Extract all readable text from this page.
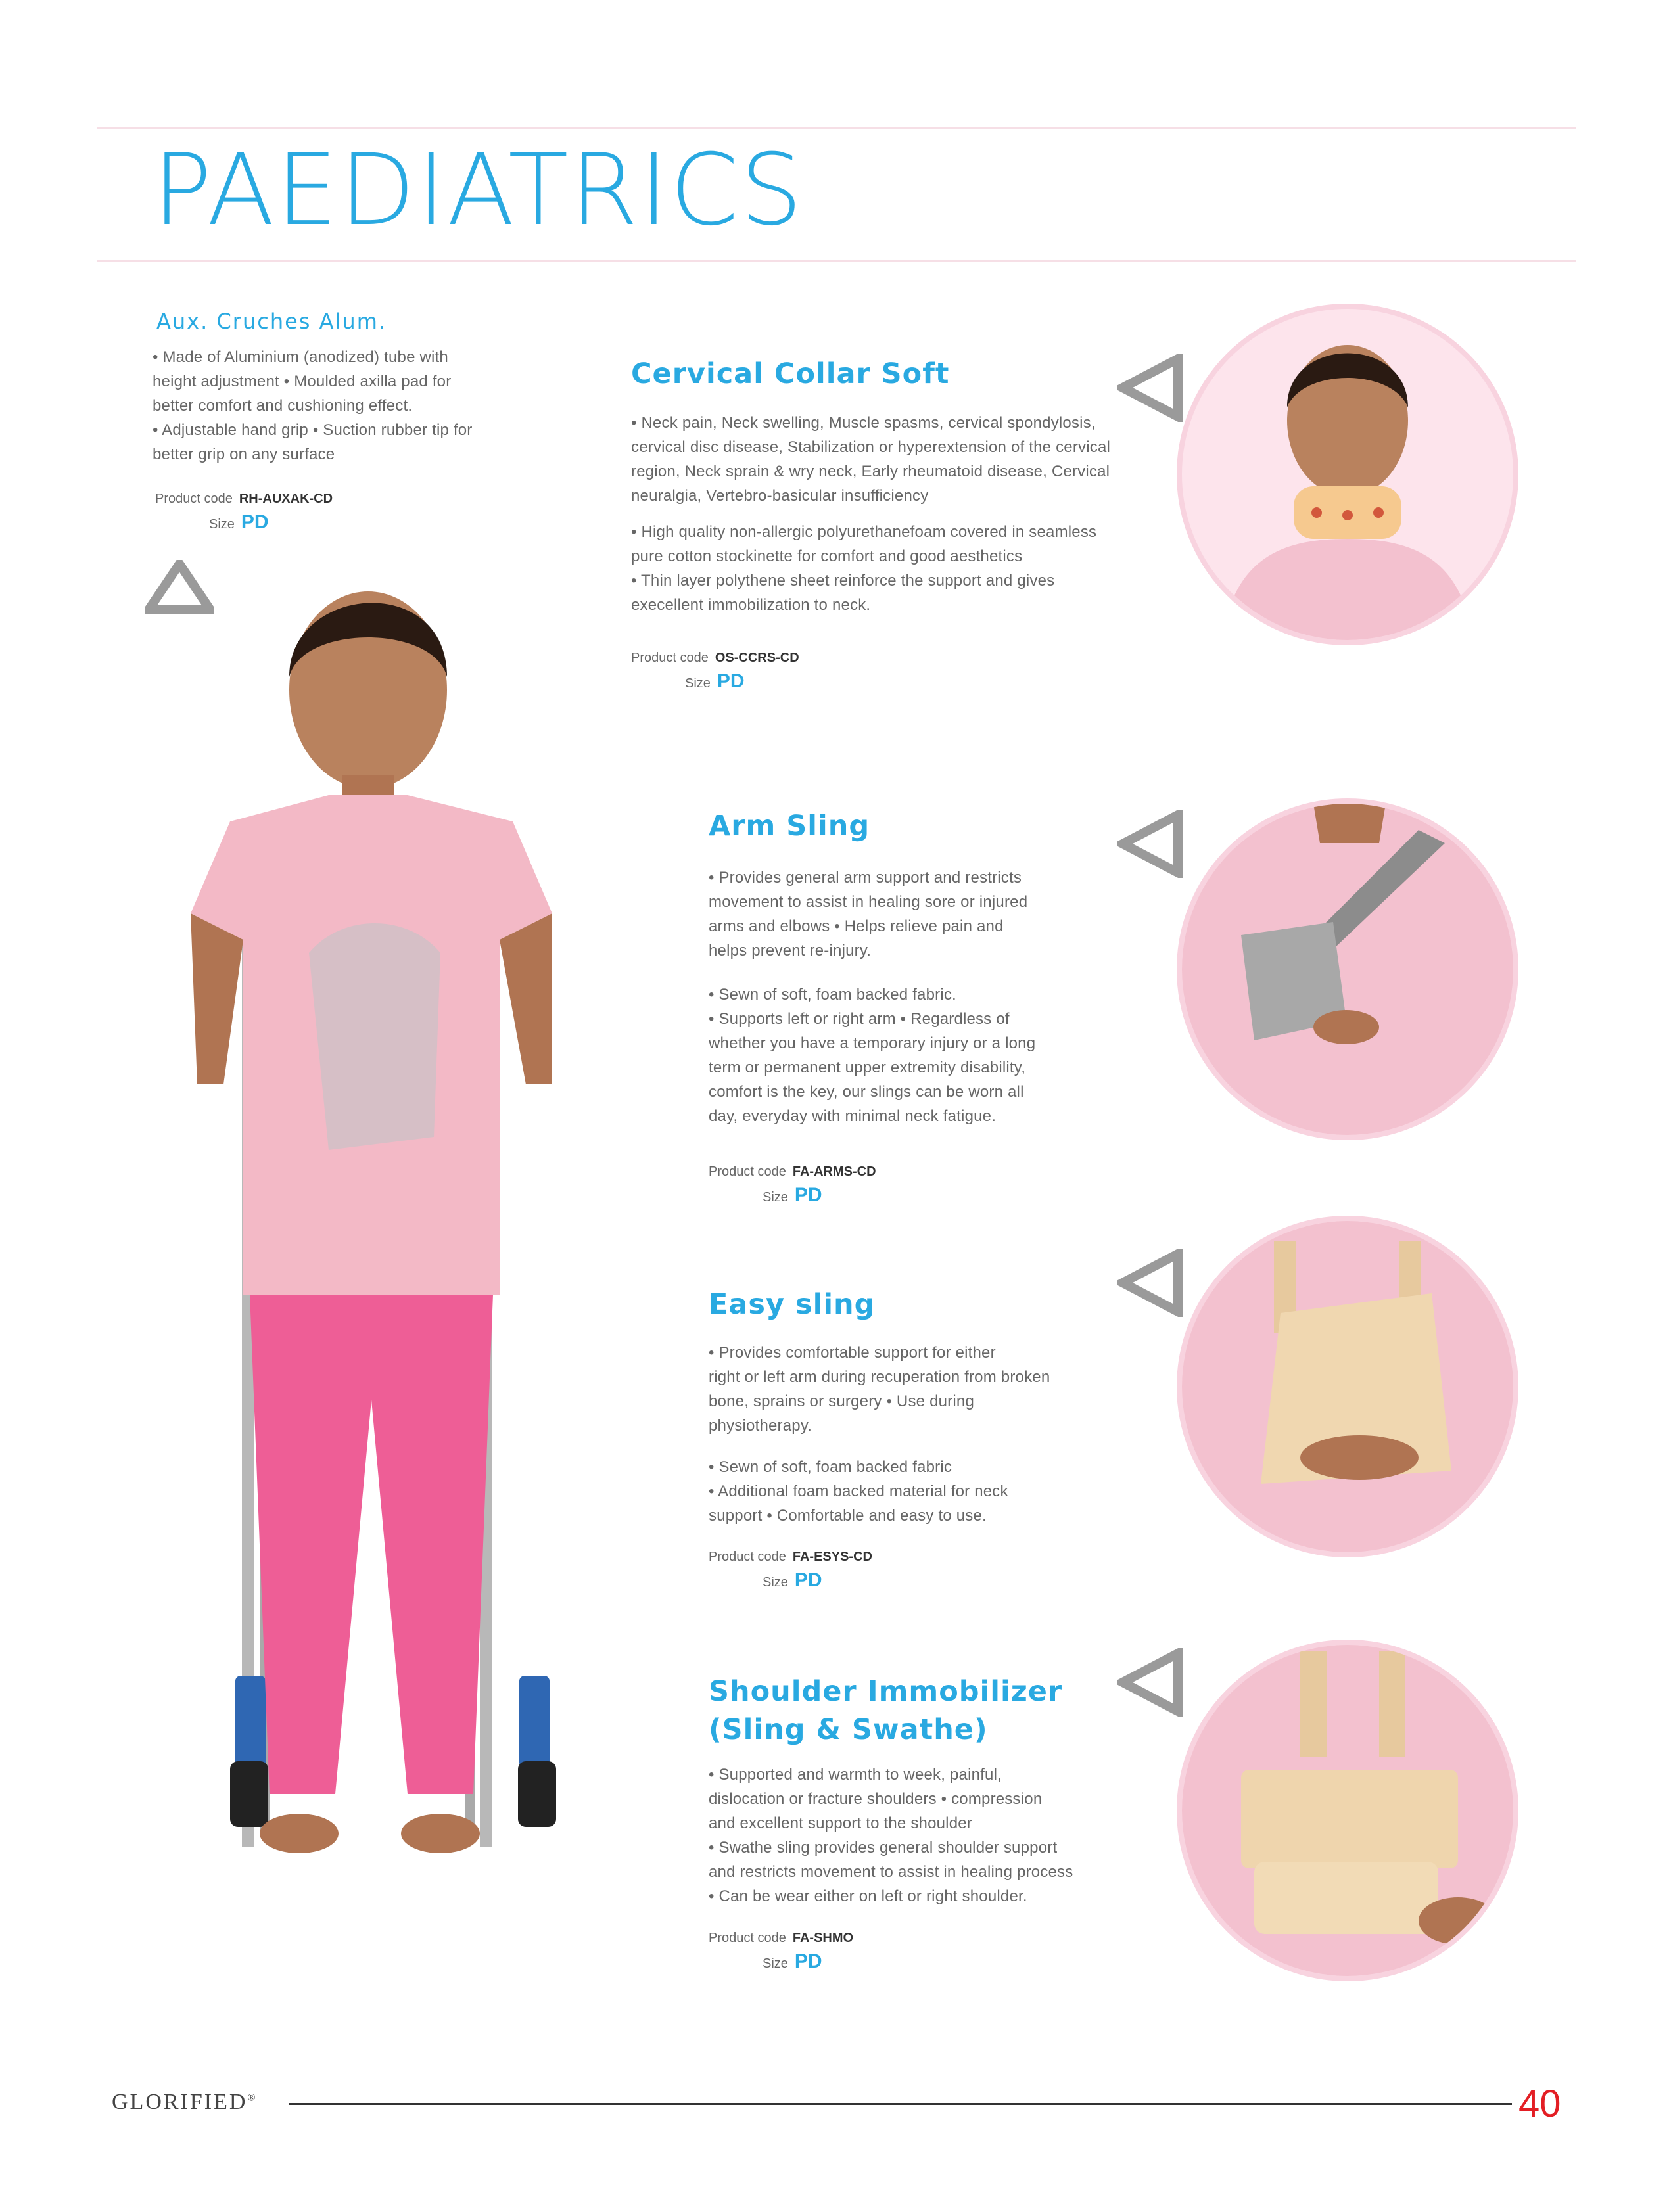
PAEDIATRICS
Aux. Cruches Alum.

• Made of Aluminium (anodized) tube with

height adjustment • Moulded axilla pad for

better comfort and cushioning effect.

• Adjustable hand grip • Suction rubber tip for

better grip on any surface

Product code RH-AUXAK-CD
Size PD
Cervical Collar Soft

• Neck pain, Neck swelling, Muscle spasms, cervical spondylosis,

cervical disc disease, Stabilization or hyperextension of the cervical

region, Neck sprain & wry neck, Early rheumatoid disease, Cervical

neuralgia, Vertebro-basicular insufficiency

• High quality non-allergic polyurethanefoam covered in seamless

pure cotton stockinette for comfort and good aesthetics

• Thin layer polythene sheet reinforce the support and gives

execellent immobilization to neck.

Product code OS-CCRS-CD
Size PD
Arm Sling

• Provides general arm support and restricts

movement to assist in healing sore or injured

arms and elbows • Helps relieve pain and

helps prevent re-injury.

• Sewn of soft, foam backed fabric.

• Supports left or right arm • Regardless of

whether you have a temporary injury or a long

term or permanent upper extremity disability,

comfort is the key, our slings can be worn all

day, everyday with minimal neck fatigue.

Product code FA-ARMS-CD
Size PD
Easy sling

• Provides comfortable support for either

right or left arm during recuperation from broken

bone, sprains or surgery • Use during

physiotherapy.

• Sewn of soft, foam backed fabric

• Additional foam backed material for neck

support • Comfortable and easy to use.

Product code FA-ESYS-CD
Size PD
Shoulder Immobilizer
(Sling & Swathe)

• Supported and warmth to week, painful,

dislocation or fracture shoulders • compression

and excellent support to the shoulder

• Swathe sling provides general shoulder support

and restricts movement to assist in healing process

• Can be wear either on left or right shoulder.

Product code FA-SHMO
Size PD
GLORIFIED®	40
